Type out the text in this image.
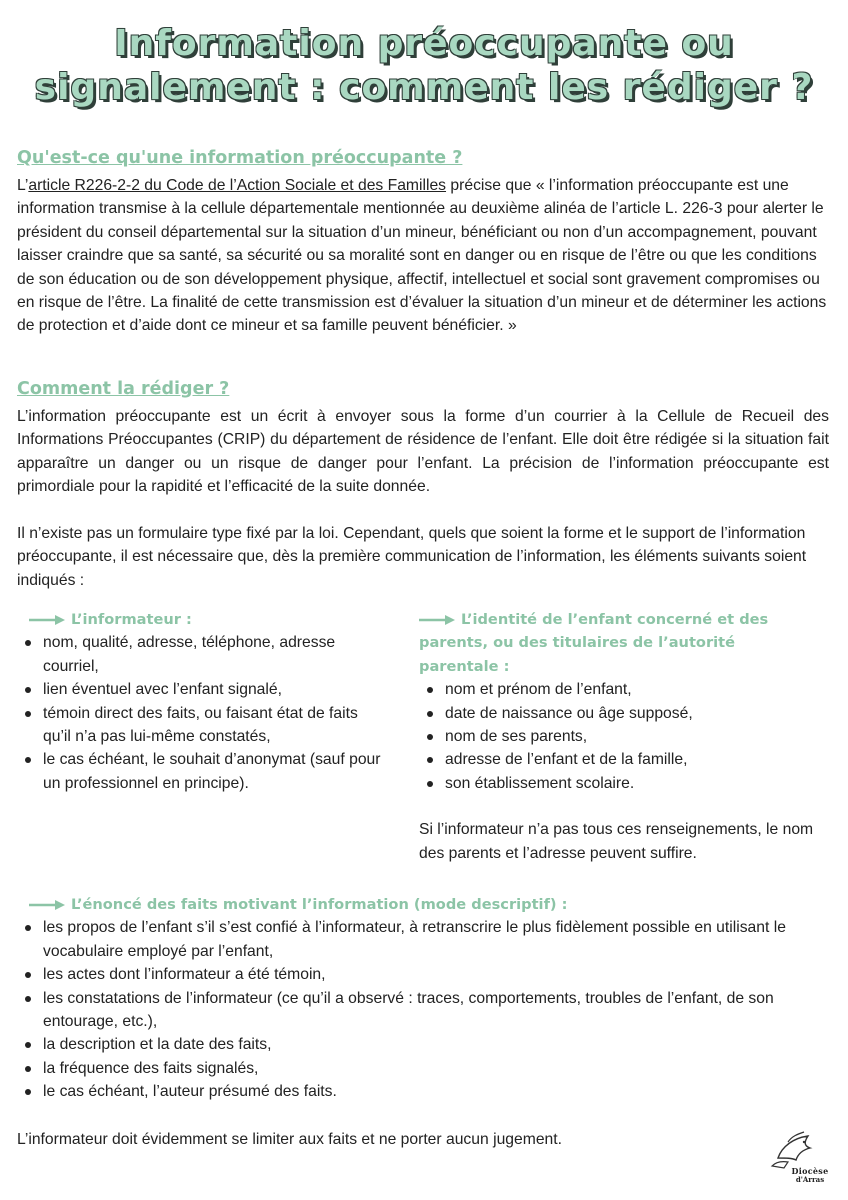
Information préoccupante ou
signalement : comment les rédiger ?
Qu'est-ce qu'une information préoccupante ?

L’article R226-2-2 du Code de l’Action Sociale et des Familles précise que « l’information préoccupante est une information transmise à la cellule départementale mentionnée au deuxième alinéa de l’article L. 226-3 pour alerter le président du conseil départemental sur la situation d’un mineur, bénéficiant ou non d’un accompagnement, pouvant laisser craindre que sa santé, sa sécurité ou sa moralité sont en danger ou en risque de l’être ou que les conditions de son éducation ou de son développement physique, affectif, intellectuel et social sont gravement compromises ou en risque de l’être. La finalité de cette transmission est d’évaluer la situation d’un mineur et de déterminer les actions de protection et d’aide dont ce mineur et sa famille peuvent bénéficier. »

Comment la rédiger ?

L’information préoccupante est un écrit à envoyer sous la forme d’un courrier à la Cellule de Recueil des Informations Préoccupantes (CRIP) du département de résidence de l’enfant. Elle doit être rédigée si la situation fait apparaître un danger ou un risque de danger pour l’enfant. La précision de l’information préoccupante est primordiale pour la rapidité et l’efficacité de la suite donnée.

Il n’existe pas un formulaire type fixé par la loi. Cependant, quels que soient la forme et le support de l’information préoccupante, il est nécessaire que, dès la première communication de l’information, les éléments suivants soient indiqués :

L’informateur :
nom, qualité, adresse, téléphone, adresse courriel,
lien éventuel avec l’enfant signalé,
témoin direct des faits, ou faisant état de faits qu’il n’a pas lui-même constatés,
le cas échéant, le souhait d’anonymat (sauf pour un professionnel en principe).
L’identité de l’enfant concerné et des parents, ou des titulaires de l’autorité parentale :
nom et prénom de l’enfant,
date de naissance ou âge supposé,
nom de ses parents,
adresse de l’enfant et de la famille,
son établissement scolaire.

Si l’informateur n’a pas tous ces renseignements, le nom des parents et l’adresse peuvent suffire.

L’énoncé des faits motivant l’information (mode descriptif) :
les propos de l’enfant s’il s’est confié à l’informateur, à retranscrire le plus fidèlement possible en utilisant le vocabulaire employé par l’enfant,
les actes dont l’informateur a été témoin,
les constatations de l’informateur (ce qu’il a observé : traces, comportements, troubles de l’enfant, de son entourage, etc.),
la description et la date des faits,
la fréquence des faits signalés,
le cas échéant, l’auteur présumé des faits.

L’informateur doit évidemment se limiter aux faits et ne porter aucun jugement.

Diocèse
d'Arras
